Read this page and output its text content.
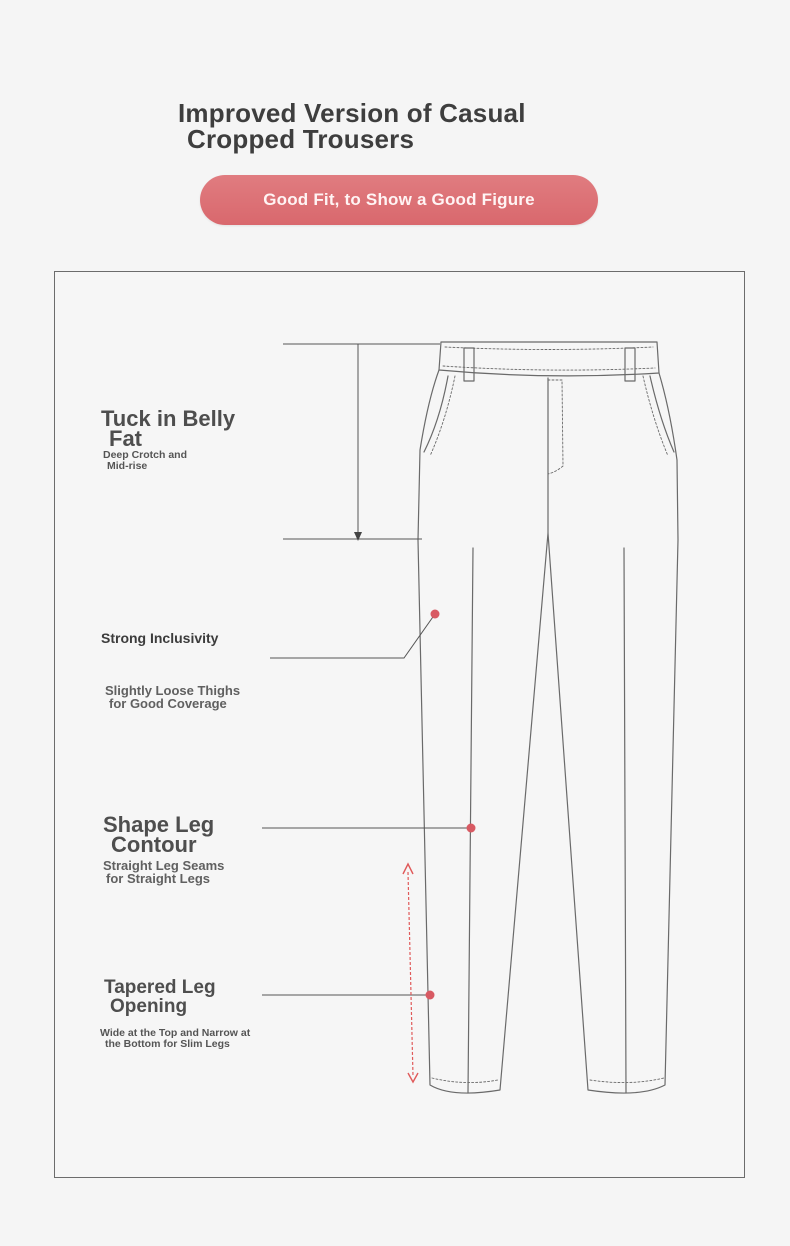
Improved Version of Casual
Cropped Trousers
Good Fit, to Show a Good Figure
Tuck in Belly
Fat
Deep Crotch and
Mid-rise
Strong Inclusivity
Slightly Loose Thighs
for Good Coverage
Shape Leg
Contour
Straight Leg Seams
for Straight Legs
Tapered Leg
Opening
Wide at the Top and Narrow at
the Bottom for Slim Legs
